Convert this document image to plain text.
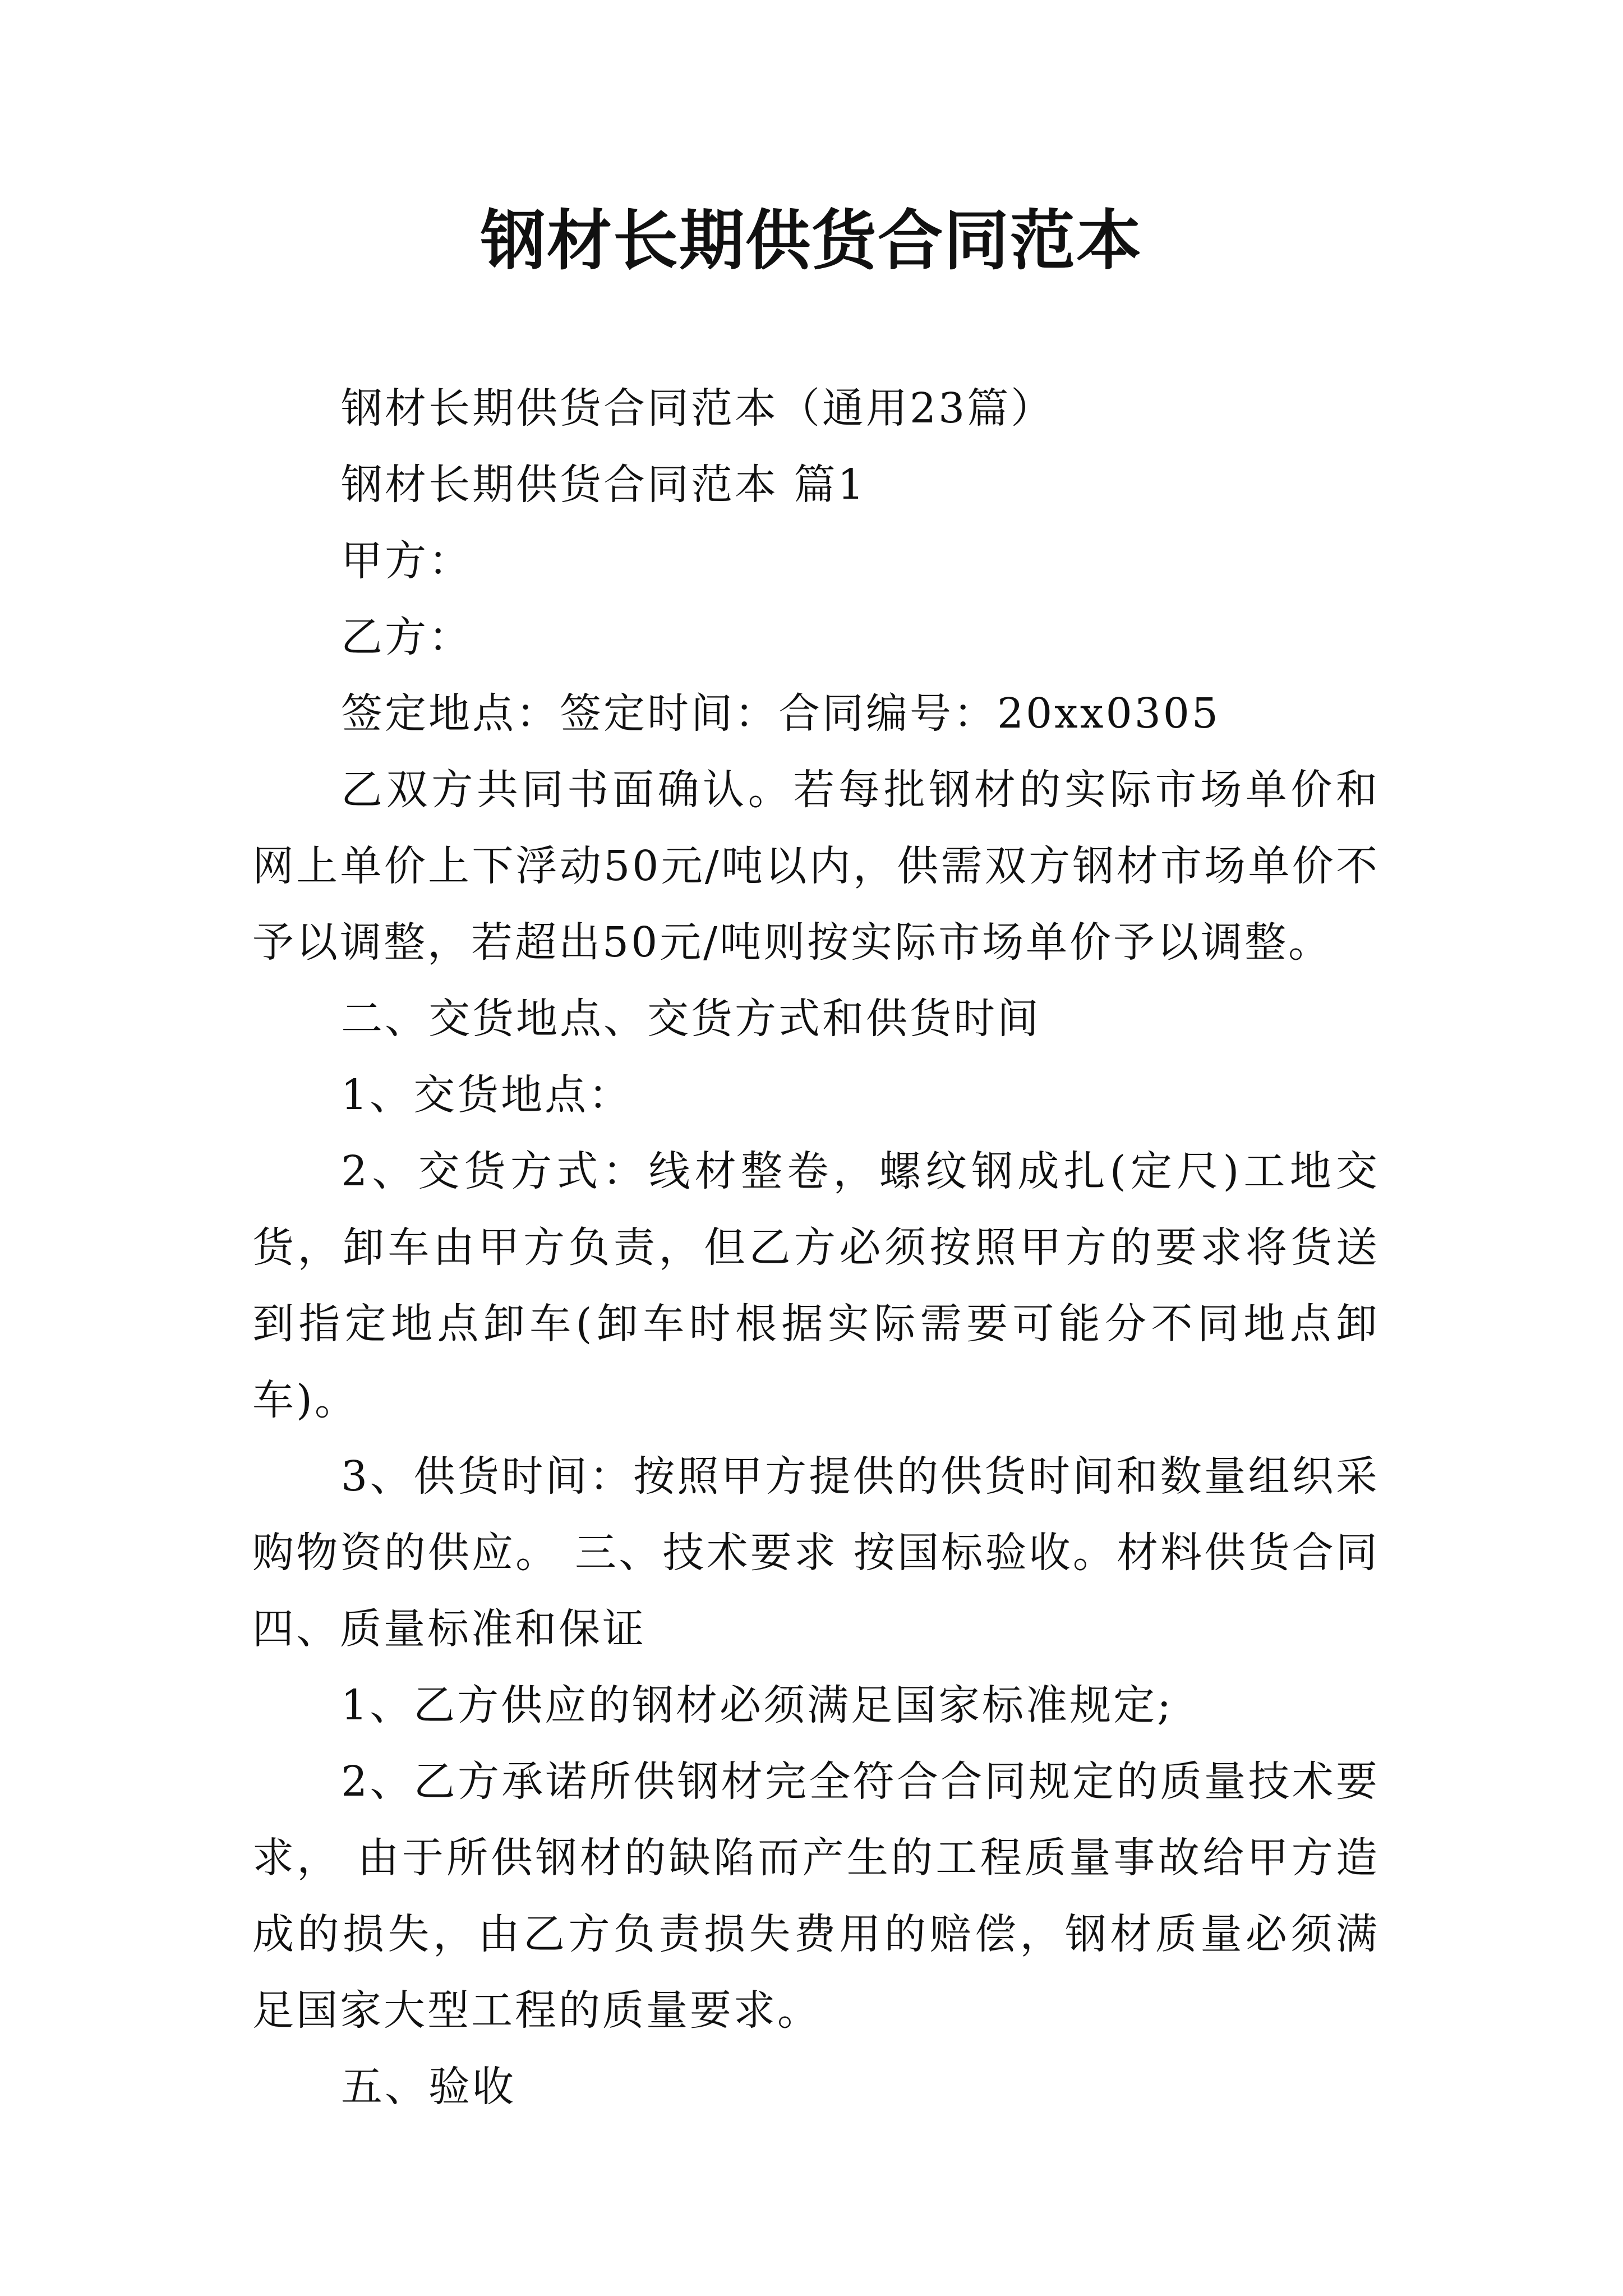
钢材长期供货合同范本

钢材长期供货合同范本（通用23篇）

钢材长期供货合同范本 篇1

甲方：

乙方：

签定地点：签定时间：合同编号：20xx0305

乙双方共同书面确认。若每批钢材的实际市场单价和网上单价上下浮动50元/吨以内，供需双方钢材市场单价不予以调整，若超出50元/吨则按实际市场单价予以调整。

二、交货地点、交货方式和供货时间

1、交货地点：

2、交货方式：线材整卷，螺纹钢成扎(定尺)工地交货，卸车由甲方负责，但乙方必须按照甲方的要求将货送到指定地点卸车(卸车时根据实际需要可能分不同地点卸车)。

3、供货时间：按照甲方提供的供货时间和数量组织采购物资的供应。 三、技术要求 按国标验收。材料供货合同 四、质量标准和保证

1、乙方供应的钢材必须满足国家标准规定;

2、乙方承诺所供钢材完全符合合同规定的质量技术要求， 由于所供钢材的缺陷而产生的工程质量事故给甲方造成的损失，由乙方负责损失费用的赔偿，钢材质量必须满足国家大型工程的质量要求。

五、验收
